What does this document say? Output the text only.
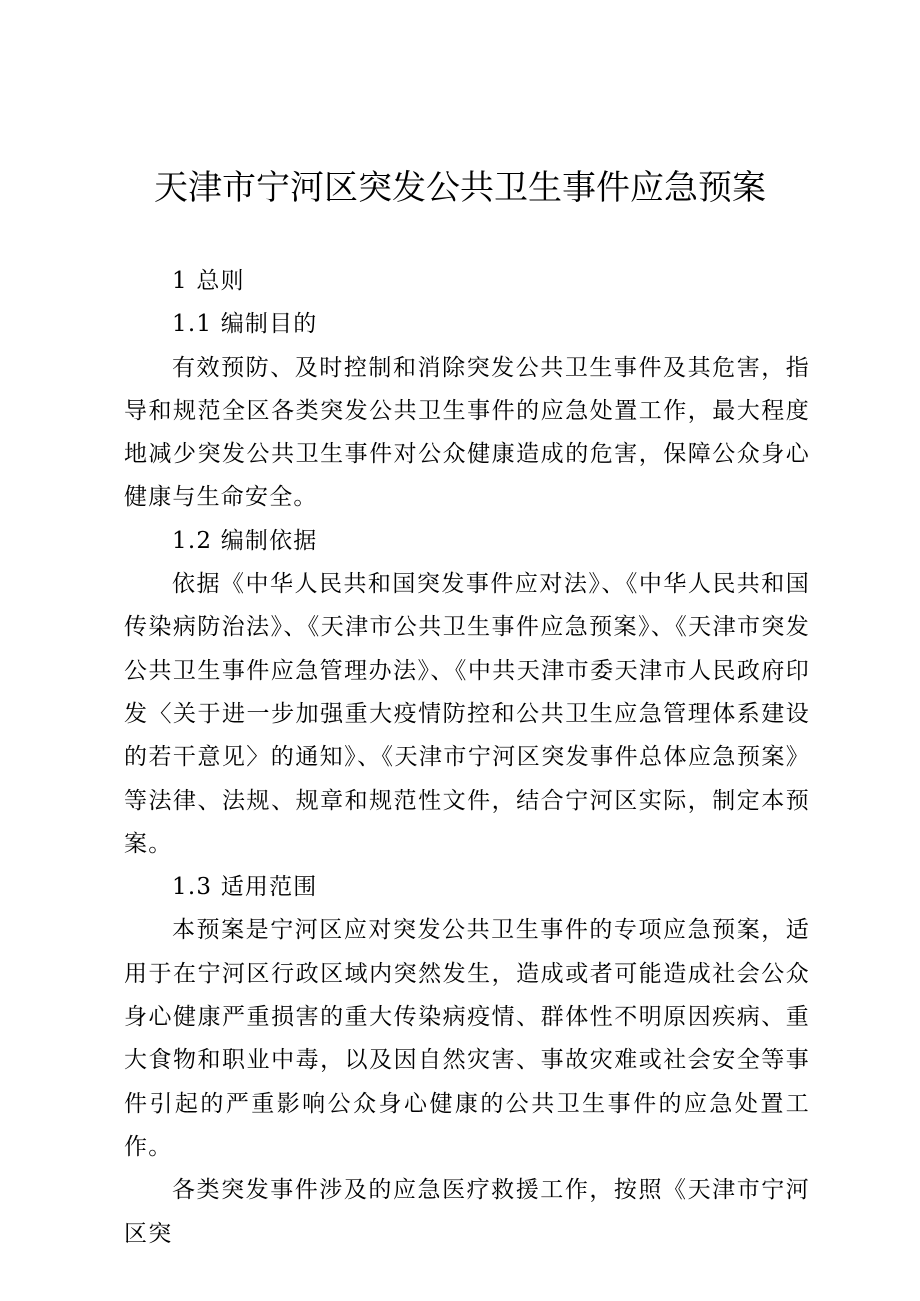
天津市宁河区突发公共卫生事件应急预案

1 总则

1.1 编制目的

有效预防、及时控制和消除突发公共卫生事件及其危害，指导和规范全区各类突发公共卫生事件的应急处置工作，最大程度地减少突发公共卫生事件对公众健康造成的危害，保障公众身心健康与生命安全。

1.2 编制依据

依据《中华人民共和国突发事件应对法》、《中华人民共和国传染病防治法》、《天津市公共卫生事件应急预案》、《天津市突发公共卫生事件应急管理办法》、《中共天津市委天津市人民政府印发〈关于进一步加强重大疫情防控和公共卫生应急管理体系建设的若干意见〉的通知》、《天津市宁河区突发事件总体应急预案》等法律、法规、规章和规范性文件，结合宁河区实际，制定本预案。

1.3 适用范围

本预案是宁河区应对突发公共卫生事件的专项应急预案，适用于在宁河区行政区域内突然发生，造成或者可能造成社会公众身心健康严重损害的重大传染病疫情、群体性不明原因疾病、重大食物和职业中毒，以及因自然灾害、事故灾难或社会安全等事件引起的严重影响公众身心健康的公共卫生事件的应急处置工作。

各类突发事件涉及的应急医疗救援工作，按照《天津市宁河区突
